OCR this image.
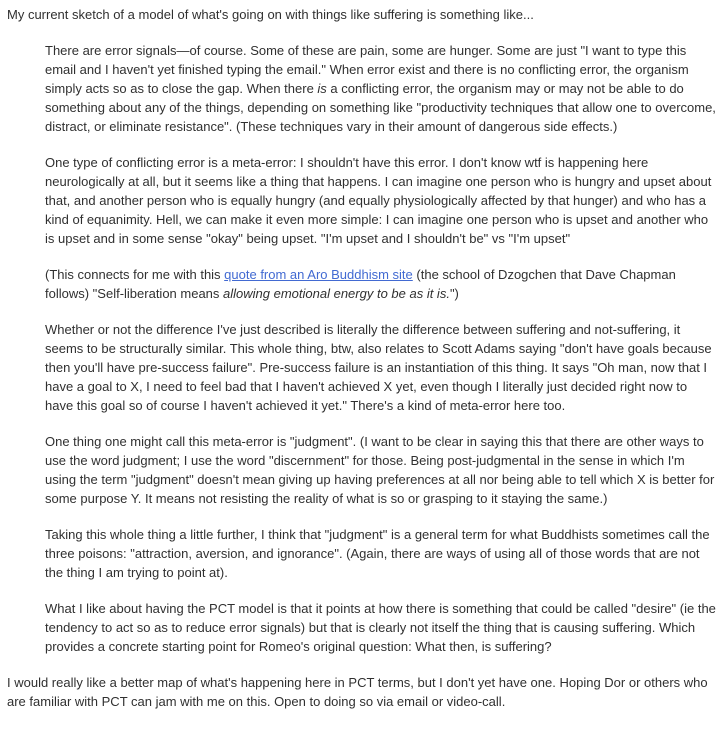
My current sketch of a model of what's going on with things like suffering is something like...

There are error signals—of course. Some of these are pain, some are hunger. Some are just "I want to type this email and I haven't yet finished typing the email." When error exist and there is no conflicting error, the organism simply acts so as to close the gap. When there is a conflicting error, the organism may or may not be able to do something about any of the things, depending on something like "productivity techniques that allow one to overcome, distract, or eliminate resistance". (These techniques vary in their amount of dangerous side effects.)

One type of conflicting error is a meta-error: I shouldn't have this error. I don't know wtf is happening here neurologically at all, but it seems like a thing that happens. I can imagine one person who is hungry and upset about that, and another person who is equally hungry (and equally physiologically affected by that hunger) and who has a kind of equanimity. Hell, we can make it even more simple: I can imagine one person who is upset and another who is upset and in some sense "okay" being upset. "I'm upset and I shouldn't be" vs "I'm upset"

(This connects for me with this quote from an Aro Buddhism site (the school of Dzogchen that Dave Chapman follows) "Self-liberation means allowing emotional energy to be as it is.")

Whether or not the difference I've just described is literally the difference between suffering and not-suffering, it seems to be structurally similar. This whole thing, btw, also relates to Scott Adams saying "don't have goals because then you'll have pre-success failure". Pre-success failure is an instantiation of this thing. It says "Oh man, now that I have a goal to X, I need to feel bad that I haven't achieved X yet, even though I literally just decided right now to have this goal so of course I haven't achieved it yet." There's a kind of meta-error here too.

One thing one might call this meta-error is "judgment". (I want to be clear in saying this that there are other ways to use the word judgment; I use the word "discernment" for those. Being post-judgmental in the sense in which I'm using the term "judgment" doesn't mean giving up having preferences at all nor being able to tell which X is better for some purpose Y. It means not resisting the reality of what is so or grasping to it staying the same.)

Taking this whole thing a little further, I think that "judgment" is a general term for what Buddhists sometimes call the three poisons: "attraction, aversion, and ignorance". (Again, there are ways of using all of those words that are not the thing I am trying to point at).

What I like about having the PCT model is that it points at how there is something that could be called "desire" (ie the tendency to act so as to reduce error signals) but that is clearly not itself the thing that is causing suffering. Which provides a concrete starting point for Romeo's original question: What then, is suffering?

I would really like a better map of what's happening here in PCT terms, but I don't yet have one. Hoping Dor or others who are familiar with PCT can jam with me on this. Open to doing so via email or video-call.
